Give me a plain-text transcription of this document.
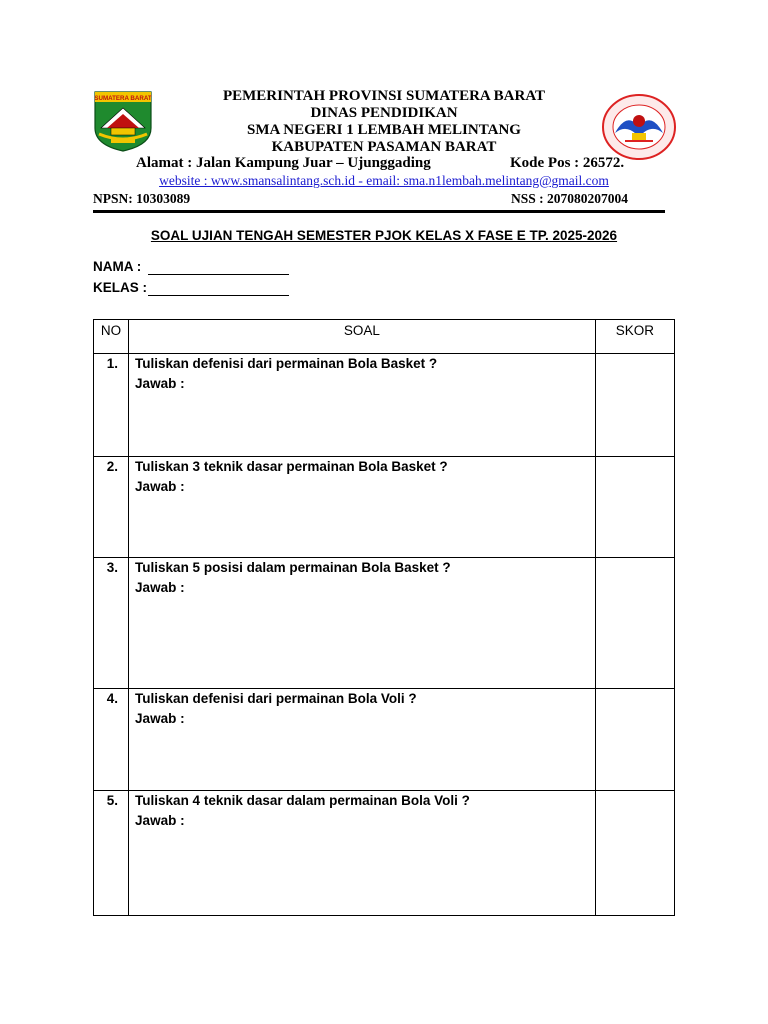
SUMATERA BARAT	PEMERINTAH PROVINSI SUMATERA BARAT
DINAS PENDIDIKAN
SMA NEGERI 1 LEMBAH MELINTANG
KABUPATEN PASAMAN BARAT
Alamat : Jalan Kampung Juar – Ujunggading	Kode Pos : 26572.
website : www.smansalintang.sch.id - email: sma.n1lembah.melintang@gmail.com
NPSN: 10303089	NSS : 207080207004
SOAL UJIAN TENGAH SEMESTER PJOK KELAS X FASE E TP. 2025-2026
NAMA :
KELAS :
NO	SOAL	SKOR
1.	Tuliskan defenisi dari permainan Bola Basket ?
Jawab :	

2.	Tuliskan 3 teknik dasar permainan Bola Basket ?
Jawab :	

3.	Tuliskan 5 posisi dalam permainan Bola Basket ?
Jawab :	

4.	Tuliskan defenisi dari permainan Bola Voli ?
Jawab :	

5.	Tuliskan 4 teknik dasar dalam permainan Bola Voli ?
Jawab :	
